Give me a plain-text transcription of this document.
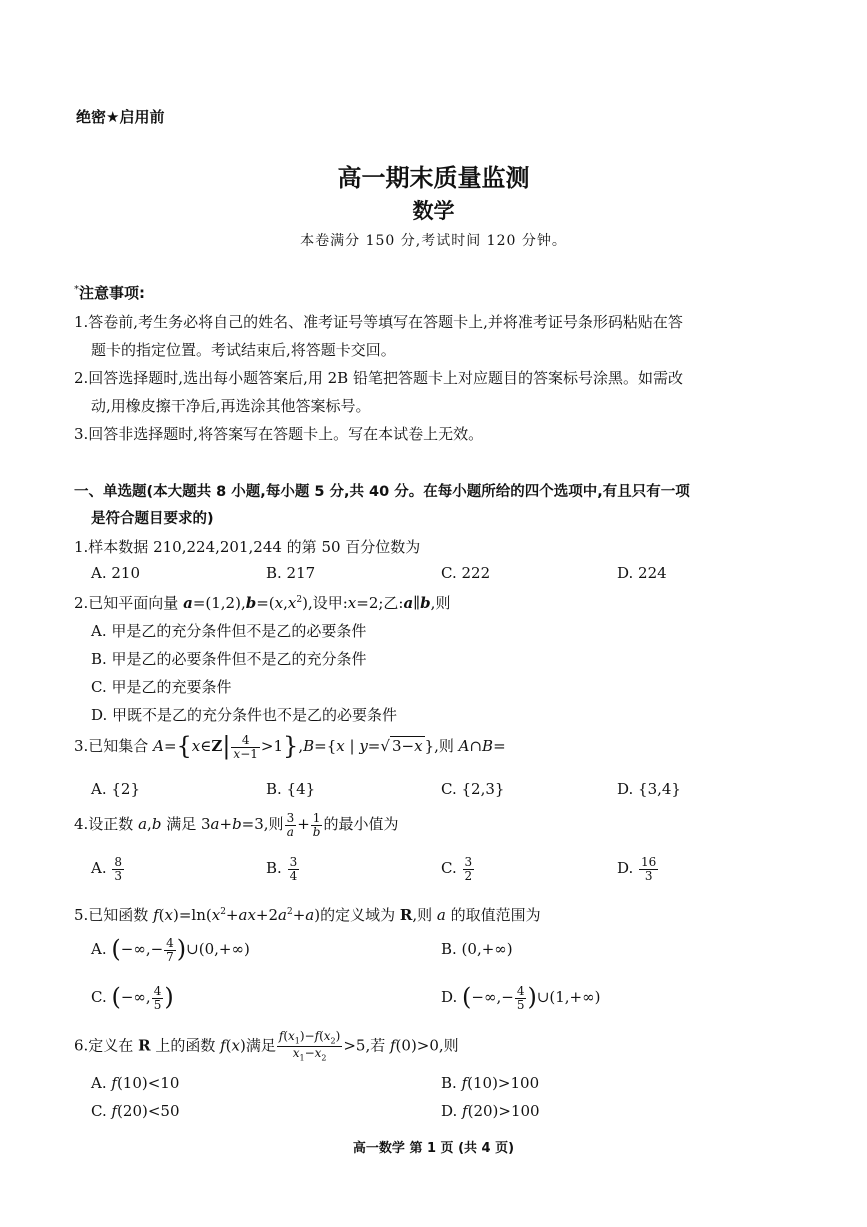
绝密★启用前
高一期末质量监测
数学
本卷满分 150 分,考试时间 120 分钟。
*注意事项:
1.答卷前,考生务必将自己的姓名、准考证号等填写在答题卡上,并将准考证号条形码粘贴在答
题卡的指定位置。考试结束后,将答题卡交回。
2.回答选择题时,选出每小题答案后,用 2B 铅笔把答题卡上对应题目的答案标号涂黑。如需改
动,用橡皮擦干净后,再选涂其他答案标号。
3.回答非选择题时,将答案写在答题卡上。写在本试卷上无效。
一、单选题(本大题共 8 小题,每小题 5 分,共 40 分。在每小题所给的四个选项中,有且只有一项
是符合题目要求的)
1.样本数据 210,224,201,244 的第 50 百分位数为
A. 210	B. 217	C. 222	D. 224
2.已知平面向量 $a=(1,2),b=(x,x^2)$,设甲:x=2;乙:a∥b,则
A. 甲是乙的充分条件但不是乙的必要条件
B. 甲是乙的必要条件但不是乙的充分条件
C. 甲是乙的充要条件
D. 甲既不是乙的充分条件也不是乙的必要条件
3.已知集合 A={x∈Z| $\frac{4}{x-1} >1\},B=\{x$ | y=√ 3−x },则 A∩B=
A. {2}	B. {4}	C. {2,3}	D. {3,4}
4.设正数 a,b 满足 3a+b=3,则 $\frac{3}{a} + \frac{1}{b}$ 的最小值为
A. $\frac{8}{3}$	B. $\frac{3}{4}$	C. $\frac{3}{2}$	D. $\frac{16}{3}$
5.已知函数 $f(x)=\ln(x^2+ax+2a^2+a)$的定义域为 R,则 a 的取值范围为
A. (−∞,− $\frac{4}{7}$ )∪(0,+∞)	B. (0,+∞)
C. (−∞, $\frac{4}{5}$ )	D. (−∞,− $\frac{4}{5}$ )∪(1,+∞)
6.定义在 R 上的函数 f(x)满足 $\frac{f(x_1)-f(x_2)}{x_1-x_2} >5$,若 f(0)>0,则
A. f(10)<10	B. f(10)>100
C. f(20)<50	D. f(20)>100
高一数学 第 1 页 (共 4 页)
